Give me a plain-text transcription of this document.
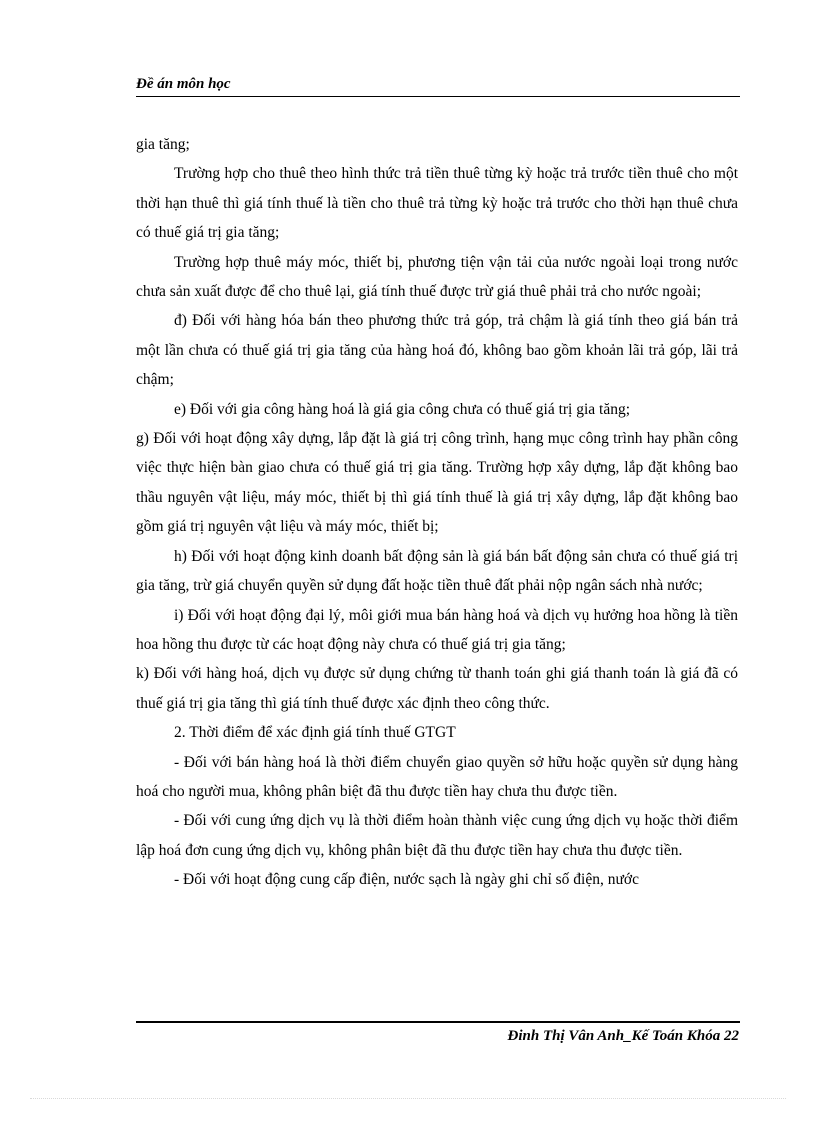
Đề án môn học

gia tăng;

Trường hợp cho thuê theo hình thức trả tiền thuê từng kỳ hoặc trả trước tiền thuê cho một thời hạn thuê thì giá tính thuế là tiền cho thuê trả từng kỳ hoặc trả trước cho thời hạn thuê chưa có thuế giá trị gia tăng;

Trường hợp thuê máy móc, thiết bị, phương tiện vận tải của nước ngoài loại trong nước chưa sản xuất được để cho thuê lại, giá tính thuế được trừ giá thuê phải trả cho nước ngoài;

đ) Đối với hàng hóa bán theo phương thức trả góp, trả chậm là giá tính theo giá bán trả một lần chưa có thuế giá trị gia tăng của hàng hoá đó, không bao gồm khoản lãi trả góp, lãi trả chậm;

e) Đối với gia công hàng hoá là giá gia công chưa có thuế giá trị gia tăng;

g) Đối với hoạt động xây dựng, lắp đặt là giá trị công trình, hạng mục công trình hay phần công việc thực hiện bàn giao chưa có thuế giá trị gia tăng. Trường hợp xây dựng, lắp đặt không bao thầu nguyên vật liệu, máy móc, thiết bị thì giá tính thuế là giá trị xây dựng, lắp đặt không bao gồm giá trị nguyên vật liệu và máy móc, thiết bị;

h) Đối với hoạt động kinh doanh bất động sản là giá bán bất động sản chưa có thuế giá trị gia tăng, trừ giá chuyển quyền sử dụng đất hoặc tiền thuê đất phải nộp ngân sách nhà nước;

i) Đối với hoạt động đại lý, môi giới mua bán hàng hoá và dịch vụ hưởng hoa hồng là tiền hoa hồng thu được từ các hoạt động này chưa có thuế giá trị gia tăng;

k) Đối với hàng hoá, dịch vụ được sử dụng chứng từ thanh toán ghi giá thanh toán là giá đã có thuế giá trị gia tăng thì giá tính thuế được xác định theo công thức.

2. Thời điểm để xác định giá tính thuế GTGT

- Đối với bán hàng hoá là thời điểm chuyển giao quyền sở hữu hoặc quyền sử dụng hàng hoá cho người mua, không phân biệt đã thu được tiền hay chưa thu được tiền.

- Đối với cung ứng dịch vụ là thời điểm hoàn thành việc cung ứng dịch vụ hoặc thời điểm lập hoá đơn cung ứng dịch vụ, không phân biệt đã thu được tiền hay chưa thu được tiền.

- Đối với hoạt động cung cấp điện, nước sạch là ngày ghi chỉ số điện, nước

Đinh Thị Vân Anh_Kế Toán Khóa 22
